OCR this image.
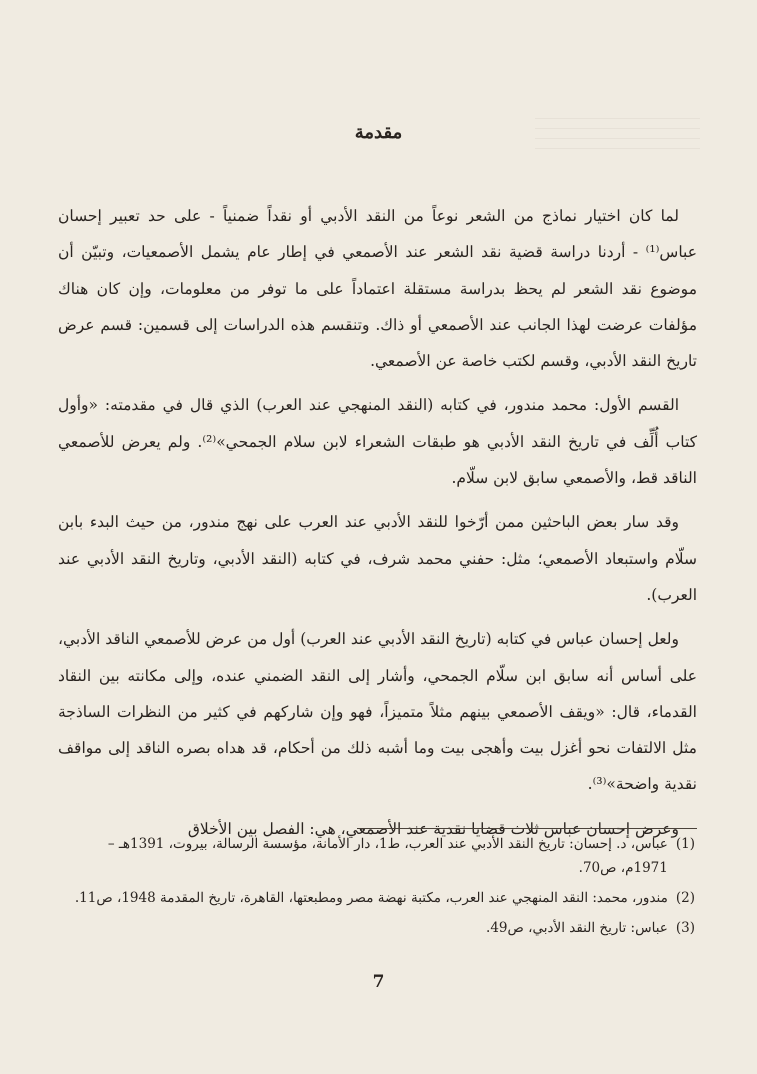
مقدمة

لما كان اختيار نماذج من الشعر نوعاً من النقد الأدبي أو نقداً ضمنياً - على حد تعبير إحسان عباس⁽¹⁾ - أردنا دراسة قضية نقد الشعر عند الأصمعي في إطار عام يشمل الأصمعيات، وتبيّن أن موضوع نقد الشعر لم يحظ بدراسة مستقلة اعتماداً على ما توفر من معلومات، وإن كان هناك مؤلفات عرضت لهذا الجانب عند الأصمعي أو ذاك. وتنقسم هذه الدراسات إلى قسمين: قسم عرض تاريخ النقد الأدبي، وقسم لكتب خاصة عن الأصمعي.

القسم الأول: محمد مندور، في كتابه (النقد المنهجي عند العرب) الذي قال في مقدمته: «وأول كتاب أُلِّف في تاريخ النقد الأدبي هو طبقات الشعراء لابن سلام الجمحي»⁽²⁾. ولم يعرض للأصمعي الناقد قط، والأصمعي سابق لابن سلّام.

وقد سار بعض الباحثين ممن أرّخوا للنقد الأدبي عند العرب على نهج مندور، من حيث البدء بابن سلّام واستبعاد الأصمعي؛ مثل: حفني محمد شرف، في كتابه (النقد الأدبي، وتاريخ النقد الأدبي عند العرب).

ولعل إحسان عباس في كتابه (تاريخ النقد الأدبي عند العرب) أول من عرض للأصمعي الناقد الأدبي، على أساس أنه سابق ابن سلّام الجمحي، وأشار إلى النقد الضمني عنده، وإلى مكانته بين النقاد القدماء، قال: «ويقف الأصمعي بينهم مثلاً متميزاً، فهو وإن شاركهم في كثير من النظرات الساذجة مثل الالتفات نحو أغزل بيت وأهجى بيت وما أشبه ذلك من أحكام، قد هداه بصره الناقد إلى مواقف نقدية واضحة»⁽³⁾.

وعرض إحسان عباس ثلاث قضايا نقدية عند الأصمعي، هي: الفصل بين الأخلاق

(1)
عباس، د. إحسان: تاريخ النقد الأدبي عند العرب، ط1، دار الأمانة، مؤسسة الرسالة، بيروت، 1391هـ – 1971م، ص70.
(2)
مندور، محمد: النقد المنهجي عند العرب، مكتبة نهضة مصر ومطبعتها، القاهرة، تاريخ المقدمة 1948، ص11.
(3)
عباس: تاريخ النقد الأدبي، ص49.
7
